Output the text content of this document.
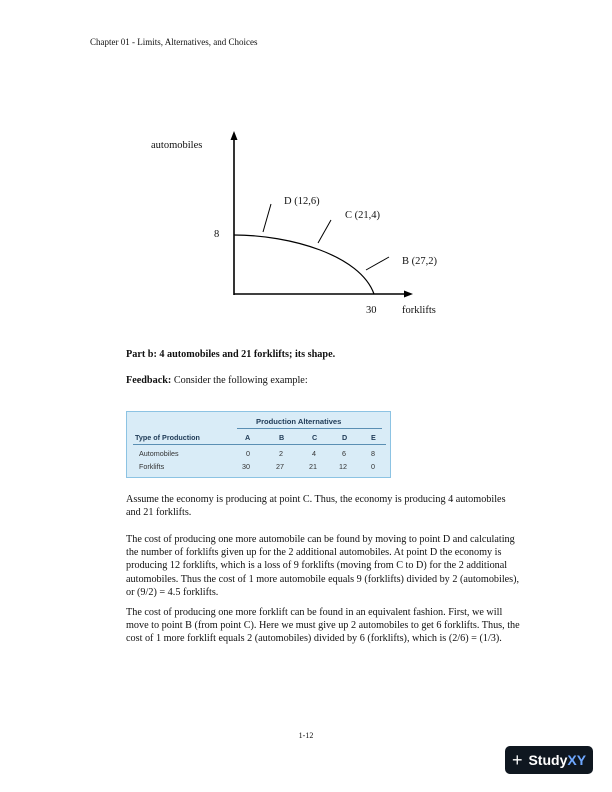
Chapter 01 - Limits, Alternatives, and Choices
automobiles
8
D (12,6)
C (21,4)
B (27,2)
30 forklifts
Part b: 4 automobiles and 21 forklifts; its shape.
Feedback: Consider the following example:
Production Alternatives
Type of Production	A	B	C	D	E
Automobiles	0	2	4	6	8
Forklifts	30	27	21	12	0
Assume the economy is producing at point C. Thus, the economy is producing 4 automobiles and 21 forklifts.
The cost of producing one more automobile can be found by moving to point D and calculating the number of forklifts given up for the 2 additional automobiles. At point D the economy is producing 12 forklifts, which is a loss of 9 forklifts (moving from C to D) for the 2 additional automobiles. Thus the cost of 1 more automobile equals 9 (forklifts) divided by 2 (automobiles), or (9/2) = 4.5 forklifts.
The cost of producing one more forklift can be found in an equivalent fashion. First, we will move to point B (from point C). Here we must give up 2 automobiles to get 6 forklifts. Thus, the cost of 1 more forklift equals 2 (automobiles) divided by 6 (forklifts), which is (2/6) = (1/3).
1-12
+ StudyXY
